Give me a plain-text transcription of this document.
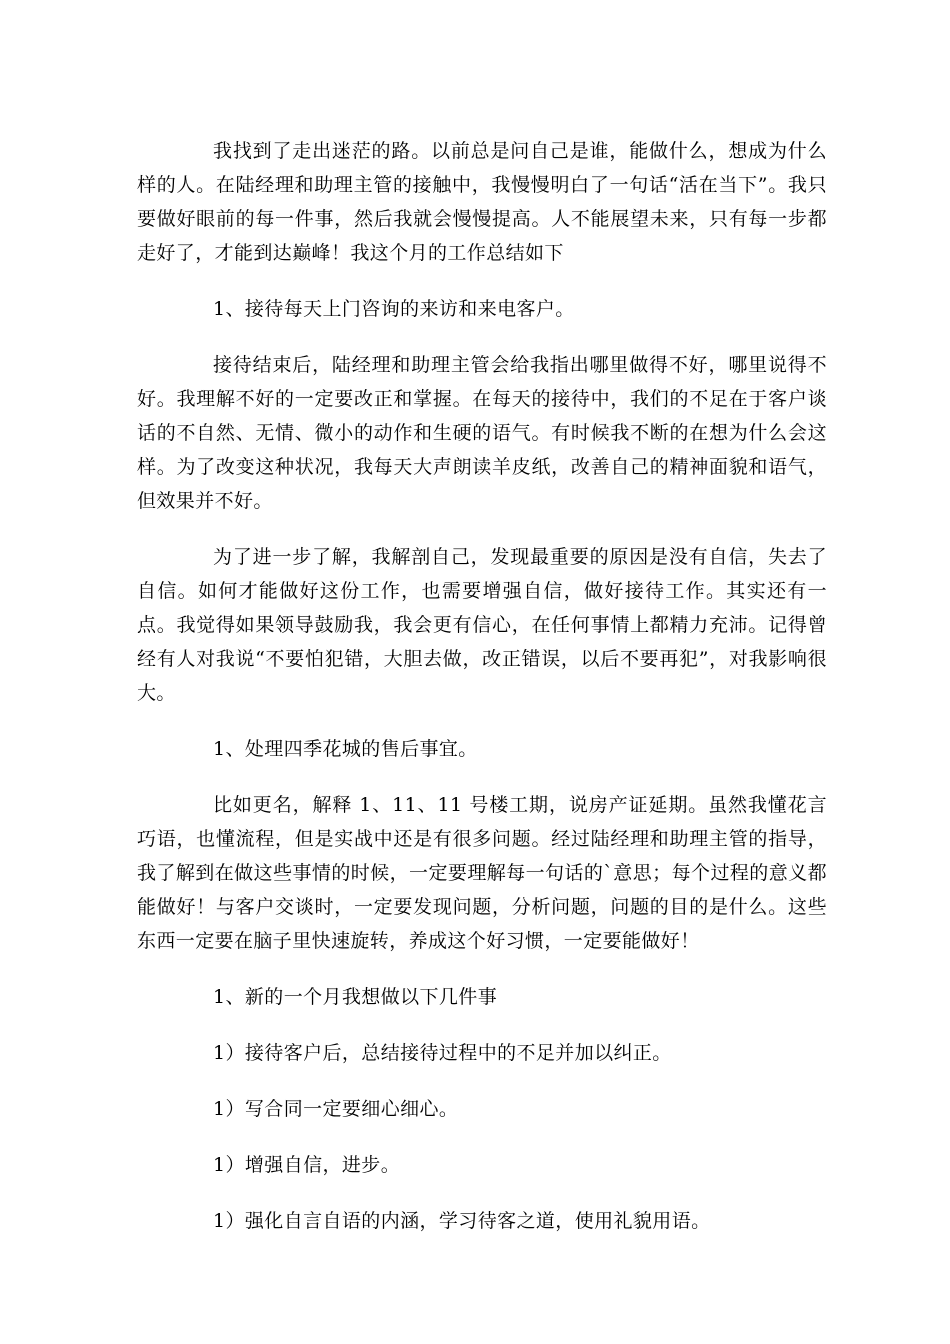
我找到了走出迷茫的路。以前总是问自己是谁，能做什么，想成为什么样的人。在陆经理和助理主管的接触中，我慢慢明白了一句话“活在当下”。我只要做好眼前的每一件事，然后我就会慢慢提高。人不能展望未来，只有每一步都走好了，才能到达巅峰！我这个月的工作总结如下

1、接待每天上门咨询的来访和来电客户。

接待结束后，陆经理和助理主管会给我指出哪里做得不好，哪里说得不好。我理解不好的一定要改正和掌握。在每天的接待中，我们的不足在于客户谈话的不自然、无情、微小的动作和生硬的语气。有时候我不断的在想为什么会这样。为了改变这种状况，我每天大声朗读羊皮纸，改善自己的精神面貌和语气，但效果并不好。

为了进一步了解，我解剖自己，发现最重要的原因是没有自信，失去了自信。如何才能做好这份工作，也需要增强自信，做好接待工作。其实还有一点。我觉得如果领导鼓励我，我会更有信心，在任何事情上都精力充沛。记得曾经有人对我说“不要怕犯错，大胆去做，改正错误，以后不要再犯”，对我影响很大。

1、处理四季花城的售后事宜。

比如更名，解释 1、11、11 号楼工期，说房产证延期。虽然我懂花言巧语，也懂流程，但是实战中还是有很多问题。经过陆经理和助理主管的指导，我了解到在做这些事情的时候，一定要理解每一句话的`意思；每个过程的意义都能做好！与客户交谈时，一定要发现问题，分析问题，问题的目的是什么。这些东西一定要在脑子里快速旋转，养成这个好习惯，一定要能做好！

1、新的一个月我想做以下几件事

1）接待客户后，总结接待过程中的不足并加以纠正。

1）写合同一定要细心细心。

1）增强自信，进步。

1）强化自言自语的内涵，学习待客之道，使用礼貌用语。
